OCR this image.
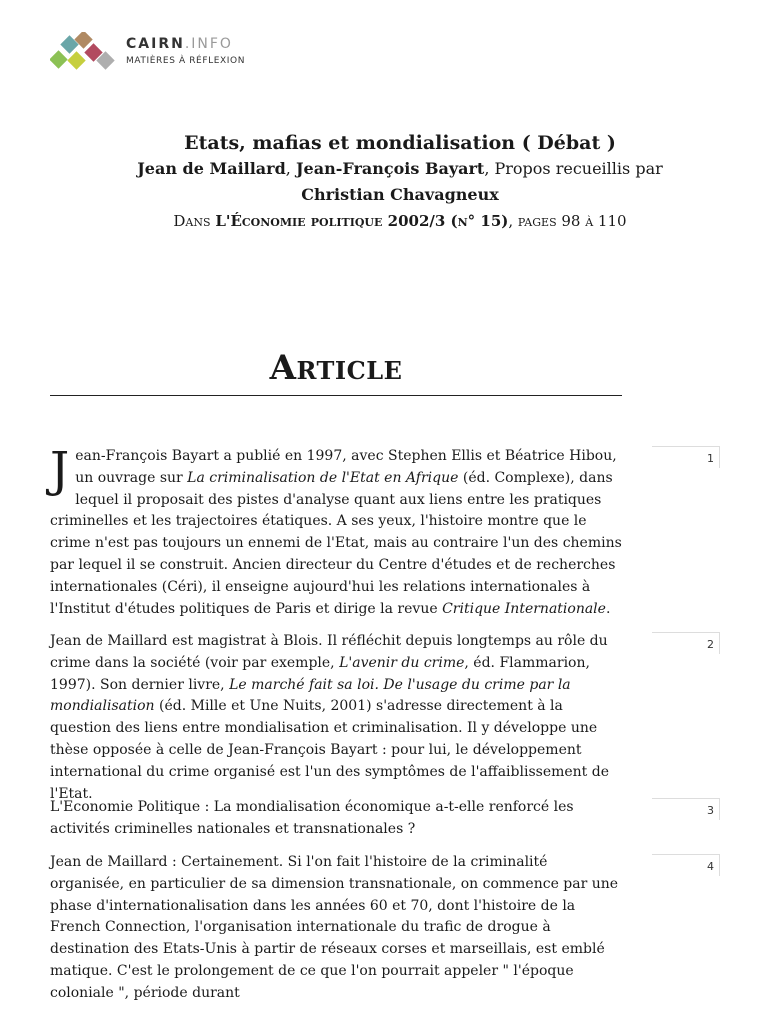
CAIRN.INFO
MATIÈRES À RÉFLEXION
Etats, mafias et mondialisation ( Débat )
Jean de Maillard, Jean-François Bayart, Propos recueillis par Christian Chavagneux
Dans L'Économie politique 2002/3 (n° 15), pages 98 à 110
Article
Jean-François Bayart a publié en 1997, avec Stephen Ellis et Béatrice Hibou, un ouvrage sur La criminalisation de l'Etat en Afrique (éd. Complexe), dans lequel il proposait des pistes d'analyse quant aux liens entre les pratiques criminelles et les trajectoires étatiques. A ses yeux, l'histoire montre que le crime n'est pas toujours un ennemi de l'Etat, mais au contraire l'un des chemins par lequel il se construit. Ancien directeur du Centre d'études et de recherches internationales (Céri), il enseigne aujourd'hui les relations internationales à l'Institut d'études politiques de Paris et dirige la revue Critique Internationale.
1
Jean de Maillard est magistrat à Blois. Il réfléchit depuis longtemps au rôle du crime dans la société (voir par exemple, L'avenir du crime, éd. Flammarion, 1997). Son dernier livre, Le marché fait sa loi. De l'usage du crime par la mondialisation (éd. Mille et Une Nuits, 2001) s'adresse directement à la question des liens entre mondialisation et criminalisation. Il y développe une thèse opposée à celle de Jean-François Bayart : pour lui, le développement international du crime organisé est l'un des symptômes de l'affaiblissement de l'Etat.
2
L'Economie Politique : La mondialisation économique a-t-elle renforcé les activités criminelles nationales et transnationales ?
3
Jean de Maillard : Certainement. Si l'on fait l'histoire de la criminalité organisée, en particulier de sa dimension transnationale, on commence par une phase d'internationalisation dans les années 60 et 70, dont l'histoire de la French Connection, l'organisation internationale du trafic de drogue à destination des Etats-Unis à partir de réseaux corses et marseillais, est emblé matique. C'est le prolongement de ce que l'on pourrait appeler " l'époque coloniale ", période durant
4
